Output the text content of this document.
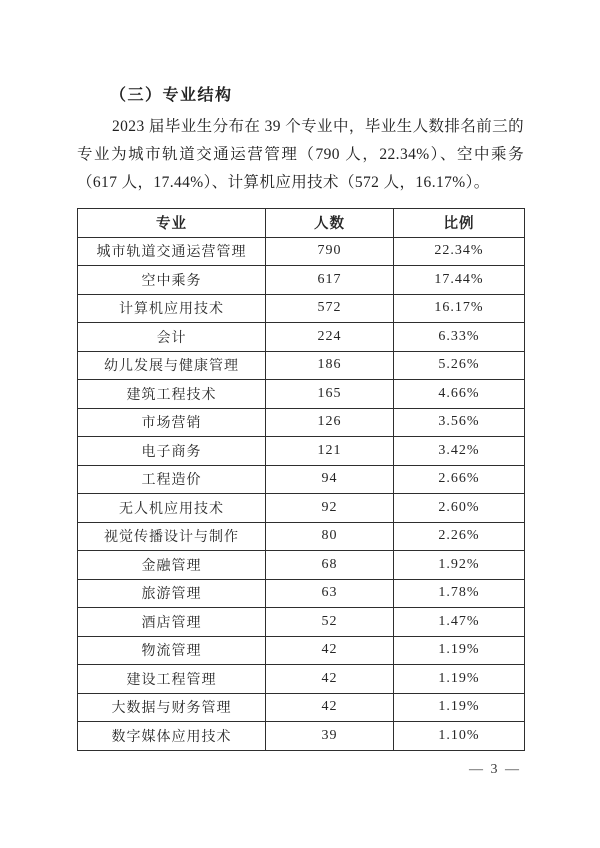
（三）专业结构

2023 届毕业生分布在 39 个专业中，毕业生人数排名前三的专业为城市轨道交通运营管理（790 人，22.34%）、空中乘务（617 人，17.44%）、计算机应用技术（572 人，16.17%）。

专业	人数	比例
城市轨道交通运营管理	790	22.34%
空中乘务	617	17.44%
计算机应用技术	572	16.17%
会计	224	6.33%
幼儿发展与健康管理	186	5.26%
建筑工程技术	165	4.66%
市场营销	126	3.56%
电子商务	121	3.42%
工程造价	94	2.66%
无人机应用技术	92	2.60%
视觉传播设计与制作	80	2.26%
金融管理	68	1.92%
旅游管理	63	1.78%
酒店管理	52	1.47%
物流管理	42	1.19%
建设工程管理	42	1.19%
大数据与财务管理	42	1.19%
数字媒体应用技术	39	1.10%
— 3 —
